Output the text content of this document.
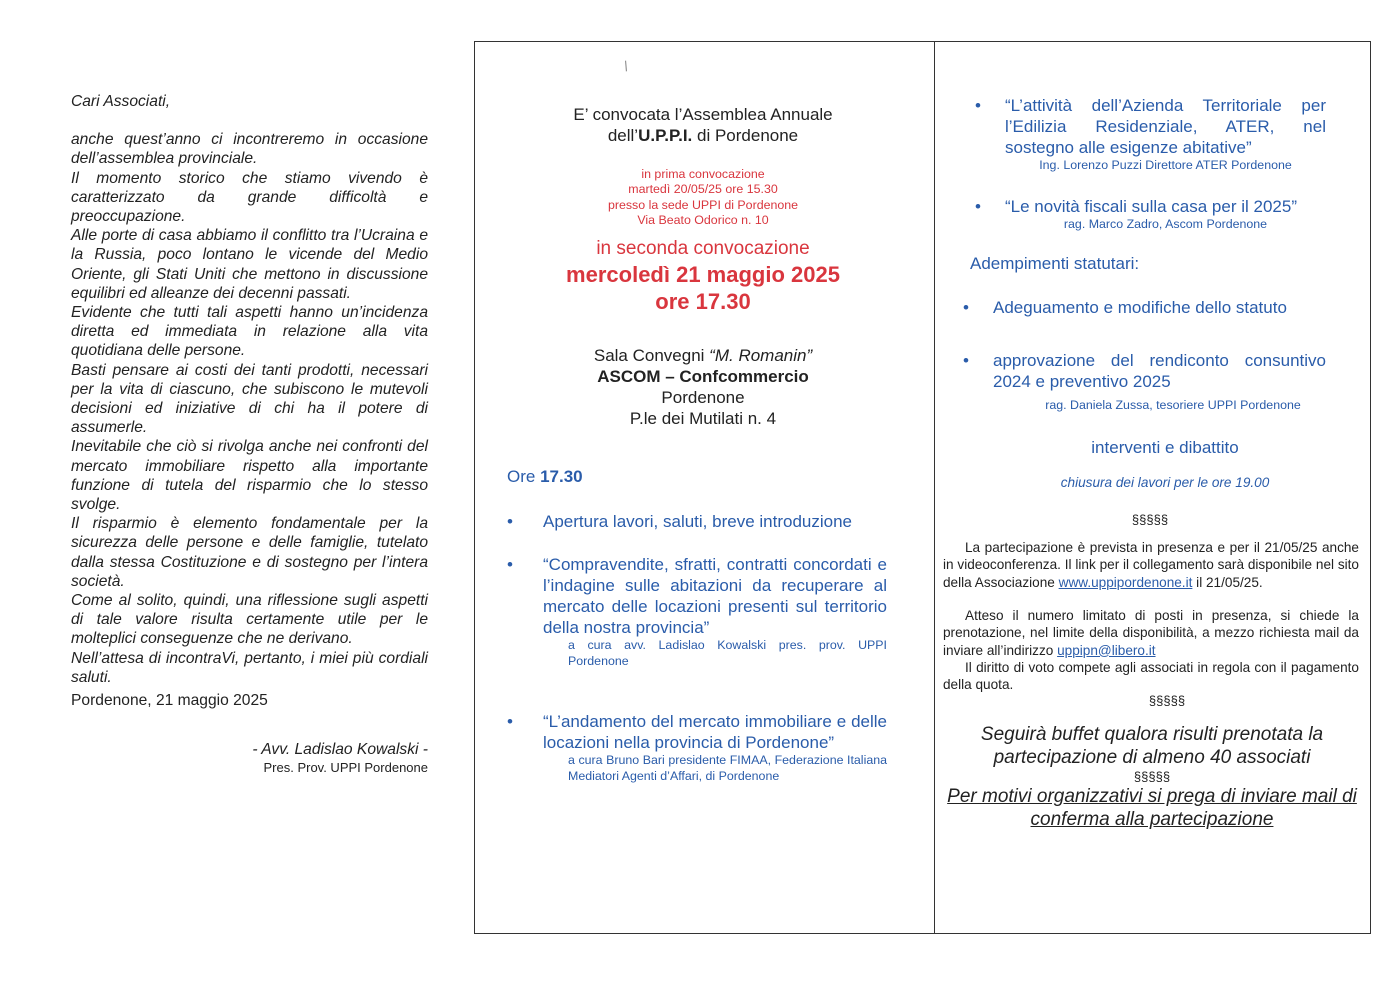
Cari Associati,

anche quest’anno ci incontreremo in occasione dell’assemblea provinciale.

Il momento storico che stiamo vivendo è caratterizzato da grande difficoltà e preoccupazione.

Alle porte di casa abbiamo il conflitto tra l’Ucraina e la Russia, poco lontano le vicende del Medio Oriente, gli Stati Uniti che mettono in discussione equilibri ed alleanze dei decenni passati.

Evidente che tutti tali aspetti hanno un’incidenza diretta ed immediata in relazione alla vita quotidiana delle persone.

Basti pensare ai costi dei tanti prodotti, necessari per la vita di ciascuno, che subiscono le mutevoli decisioni ed iniziative di chi ha il potere di assumerle.

Inevitabile che ciò si rivolga anche nei confronti del mercato immobiliare rispetto alla importante funzione di tutela del risparmio che lo stesso svolge.

Il risparmio è elemento fondamentale per la sicurezza delle persone e delle famiglie, tutelato dalla stessa Costituzione e di sostegno per l’intera società.

Come al solito, quindi, una riflessione sugli aspetti di tale valore risulta certamente utile per le molteplici conseguenze che ne derivano.

Nell’attesa di incontraVi, pertanto, i miei più cordiali saluti.

Pordenone, 21 maggio 2025

- Avv. Ladislao Kowalski -

Pres. Prov. UPPI Pordenone

/
E’ convocata l’Assemblea Annuale
dell’U.P.P.I. di Pordenone
in prima convocazione
martedì 20/05/25 ore 15.30
presso la sede UPPI di Pordenone
Via Beato Odorico n. 10
in seconda convocazione
mercoledì 21 maggio 2025
ore 17.30
Sala Convegni “M. Romanin”
ASCOM – Confcommercio
Pordenone
P.le dei Mutilati n. 4
Ore 17.30
• Apertura lavori, saluti, breve introduzione
• “Compravendite, sfratti, contratti concordati e l’indagine sulle abitazioni da recuperare al mercato delle locazioni presenti sul territorio della nostra provincia”
a cura avv. Ladislao Kowalski pres. prov. UPPI Pordenone
• “L’andamento del mercato immobiliare e delle locazioni nella provincia di Pordenone”
a cura Bruno Bari presidente FIMAA, Federazione Italiana Mediatori Agenti d’Affari, di Pordenone
• “L’attività dell’Azienda Territoriale per l’Edilizia Residenziale, ATER, nel sostegno alle esigenze abitative”
Ing. Lorenzo Puzzi Direttore ATER Pordenone
• “Le novità fiscali sulla casa per il 2025”
rag. Marco Zadro, Ascom Pordenone
Adempimenti statutari:
• Adeguamento e modifiche dello statuto
• approvazione del rendiconto consuntivo 2024 e preventivo 2025
rag. Daniela Zussa, tesoriere UPPI Pordenone
interventi e dibattito
chiusura dei lavori per le ore 19.00
§§§§§

La partecipazione è prevista in presenza e per il 21/05/25 anche in videoconferenza. Il link per il collegamento sarà disponibile nel sito della Associazione www.uppipordenone.it il 21/05/25.

Atteso il numero limitato di posti in presenza, si chiede la prenotazione, nel limite della disponibilità, a mezzo richiesta mail da inviare all’indirizzo uppipn@libero.it

Il diritto di voto compete agli associati in regola con il pagamento della quota.

§§§§§
Seguirà buffet qualora risulti prenotata la partecipazione di almeno 40 associati
§§§§§
Per motivi organizzativi si prega di inviare mail di conferma alla partecipazione
